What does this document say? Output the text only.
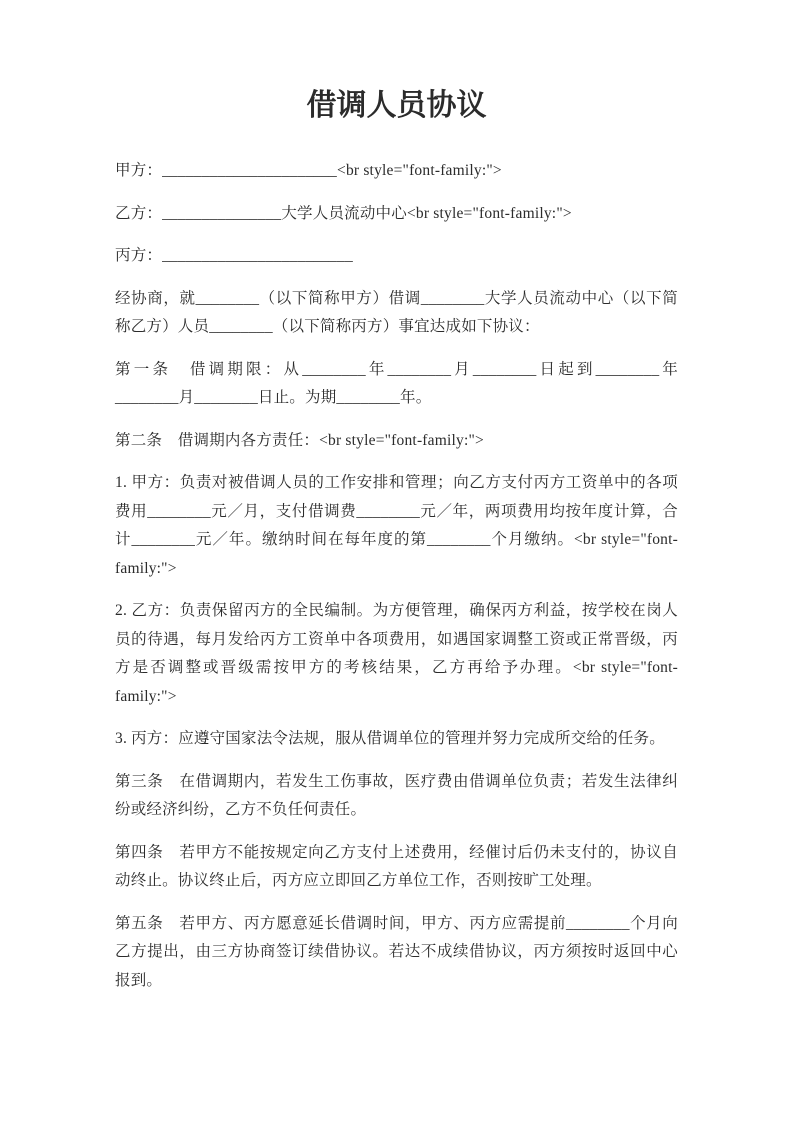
借调人员协议

甲方：______________________<br style="font-family:">

乙方：_______________大学人员流动中心<br style="font-family:">

丙方：________________________

经协商，就________（以下简称甲方）借调________大学人员流动中心（以下简称乙方）人员________（以下简称丙方）事宜达成如下协议：

第一条　借调期限：从________年________月________日起到________年________月________日止。为期________年。

第二条　借调期内各方责任：<br style="font-family:">

1. 甲方：负责对被借调人员的工作安排和管理；向乙方支付丙方工资单中的各项费用________元／月，支付借调费________元／年，两项费用均按年度计算，合计________元／年。缴纳时间在每年度的第________个月缴纳。<br style="font-family:">

2. 乙方：负责保留丙方的全民编制。为方便管理，确保丙方利益，按学校在岗人员的待遇，每月发给丙方工资单中各项费用，如遇国家调整工资或正常晋级，丙方是否调整或晋级需按甲方的考核结果，乙方再给予办理。<br style="font-family:">

3. 丙方：应遵守国家法令法规，服从借调单位的管理并努力完成所交给的任务。

第三条　在借调期内，若发生工伤事故，医疗费由借调单位负责；若发生法律纠纷或经济纠纷，乙方不负任何责任。

第四条　若甲方不能按规定向乙方支付上述费用，经催讨后仍未支付的，协议自动终止。协议终止后，丙方应立即回乙方单位工作，否则按旷工处理。

第五条　若甲方、丙方愿意延长借调时间，甲方、丙方应需提前________个月向乙方提出，由三方协商签订续借协议。若达不成续借协议，丙方须按时返回中心报到。
